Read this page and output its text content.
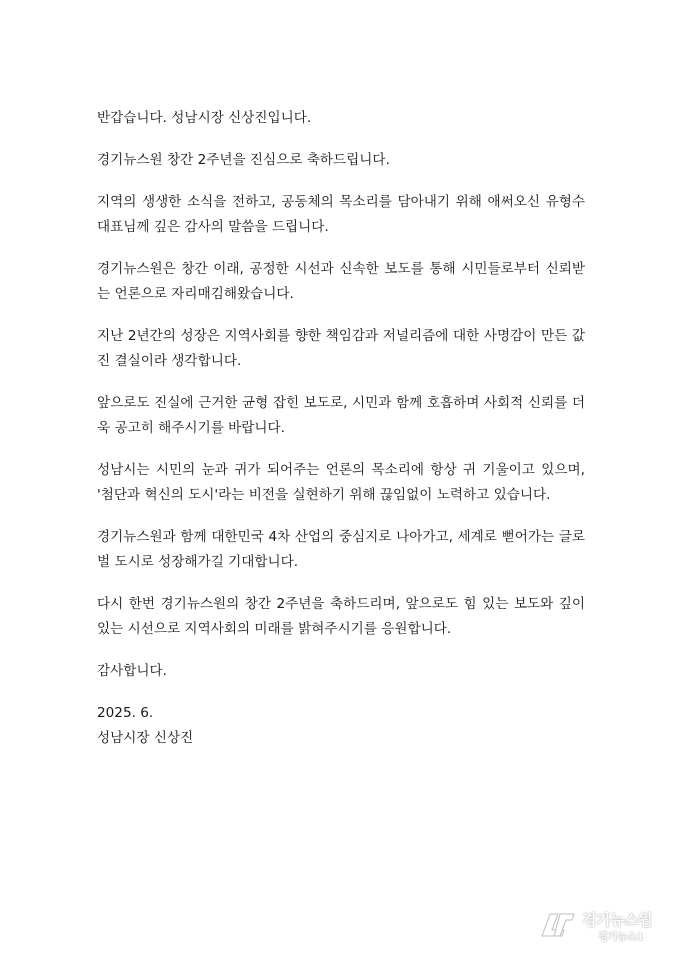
반갑습니다. 성남시장 신상진입니다.

경기뉴스원 창간 2주년을 진심으로 축하드립니다.

지역의 생생한 소식을 전하고, 공동체의 목소리를 담아내기 위해 애써오신 유형수 대표님께 깊은 감사의 말씀을 드립니다.

경기뉴스원은 창간 이래, 공정한 시선과 신속한 보도를 통해 시민들로부터 신뢰받는 언론으로 자리매김해왔습니다.

지난 2년간의 성장은 지역사회를 향한 책임감과 저널리즘에 대한 사명감이 만든 값진 결실이라 생각합니다.

앞으로도 진실에 근거한 균형 잡힌 보도로, 시민과 함께 호흡하며 사회적 신뢰를 더욱 공고히 해주시기를 바랍니다.

성남시는 시민의 눈과 귀가 되어주는 언론의 목소리에 항상 귀 기울이고 있으며, '첨단과 혁신의 도시'라는 비전을 실현하기 위해 끊임없이 노력하고 있습니다.

경기뉴스원과 함께 대한민국 4차 산업의 중심지로 나아가고, 세계로 뻗어가는 글로벌 도시로 성장해가길 기대합니다.

다시 한번 경기뉴스원의 창간 2주년을 축하드리며, 앞으로도 힘 있는 보도와 깊이 있는 시선으로 지역사회의 미래를 밝혀주시기를 응원합니다.

감사합니다.

2025. 6.
성남시장 신상진
경기뉴스원
경기뉴스1
